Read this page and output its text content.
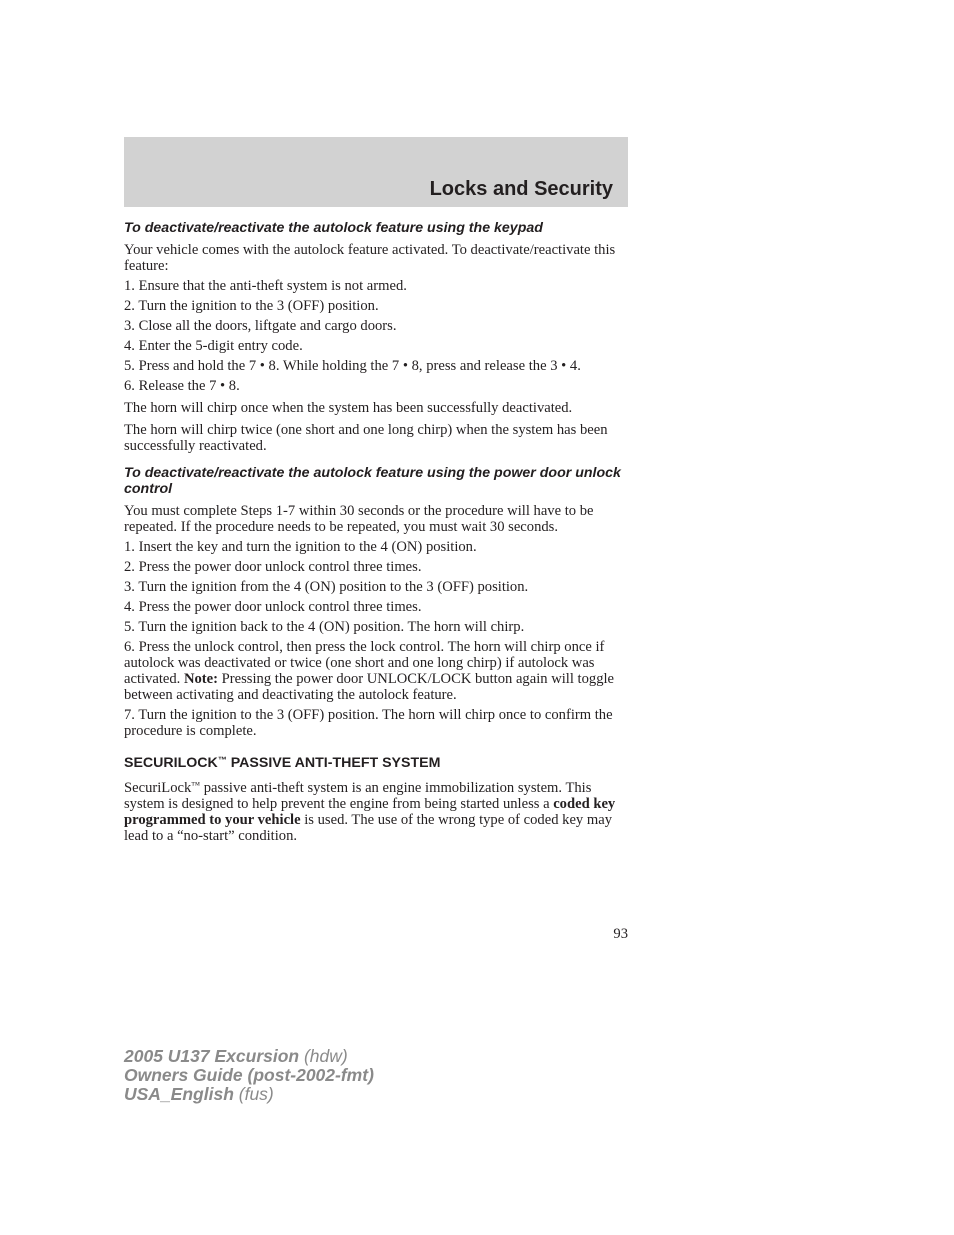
Locks and Security
To deactivate/reactivate the autolock feature using the keypad

Your vehicle comes with the autolock feature activated. To deactivate/reactivate this feature:

1. Ensure that the anti-theft system is not armed.

2. Turn the ignition to the 3 (OFF) position.

3. Close all the doors, liftgate and cargo doors.

4. Enter the 5-digit entry code.

5. Press and hold the 7 • 8. While holding the 7 • 8, press and release the 3 • 4.

6. Release the 7 • 8.

The horn will chirp once when the system has been successfully deactivated.

The horn will chirp twice (one short and one long chirp) when the system has been successfully reactivated.

To deactivate/reactivate the autolock feature using the power door unlock control

You must complete Steps 1-7 within 30 seconds or the procedure will have to be repeated. If the procedure needs to be repeated, you must wait 30 seconds.

1. Insert the key and turn the ignition to the 4 (ON) position.

2. Press the power door unlock control three times.

3. Turn the ignition from the 4 (ON) position to the 3 (OFF) position.

4. Press the power door unlock control three times.

5. Turn the ignition back to the 4 (ON) position. The horn will chirp.

6. Press the unlock control, then press the lock control. The horn will chirp once if autolock was deactivated or twice (one short and one long chirp) if autolock was activated. Note: Pressing the power door UNLOCK/LOCK button again will toggle between activating and deactivating the autolock feature.

7. Turn the ignition to the 3 (OFF) position. The horn will chirp once to confirm the procedure is complete.

SECURILOCK™ PASSIVE ANTI-THEFT SYSTEM

SecuriLock™ passive anti-theft system is an engine immobilization system. This system is designed to help prevent the engine from being started unless a coded key programmed to your vehicle is used. The use of the wrong type of coded key may lead to a “no-start” condition.

93
2005 U137 Excursion (hdw)
Owners Guide (post-2002-fmt)
USA_English (fus)
